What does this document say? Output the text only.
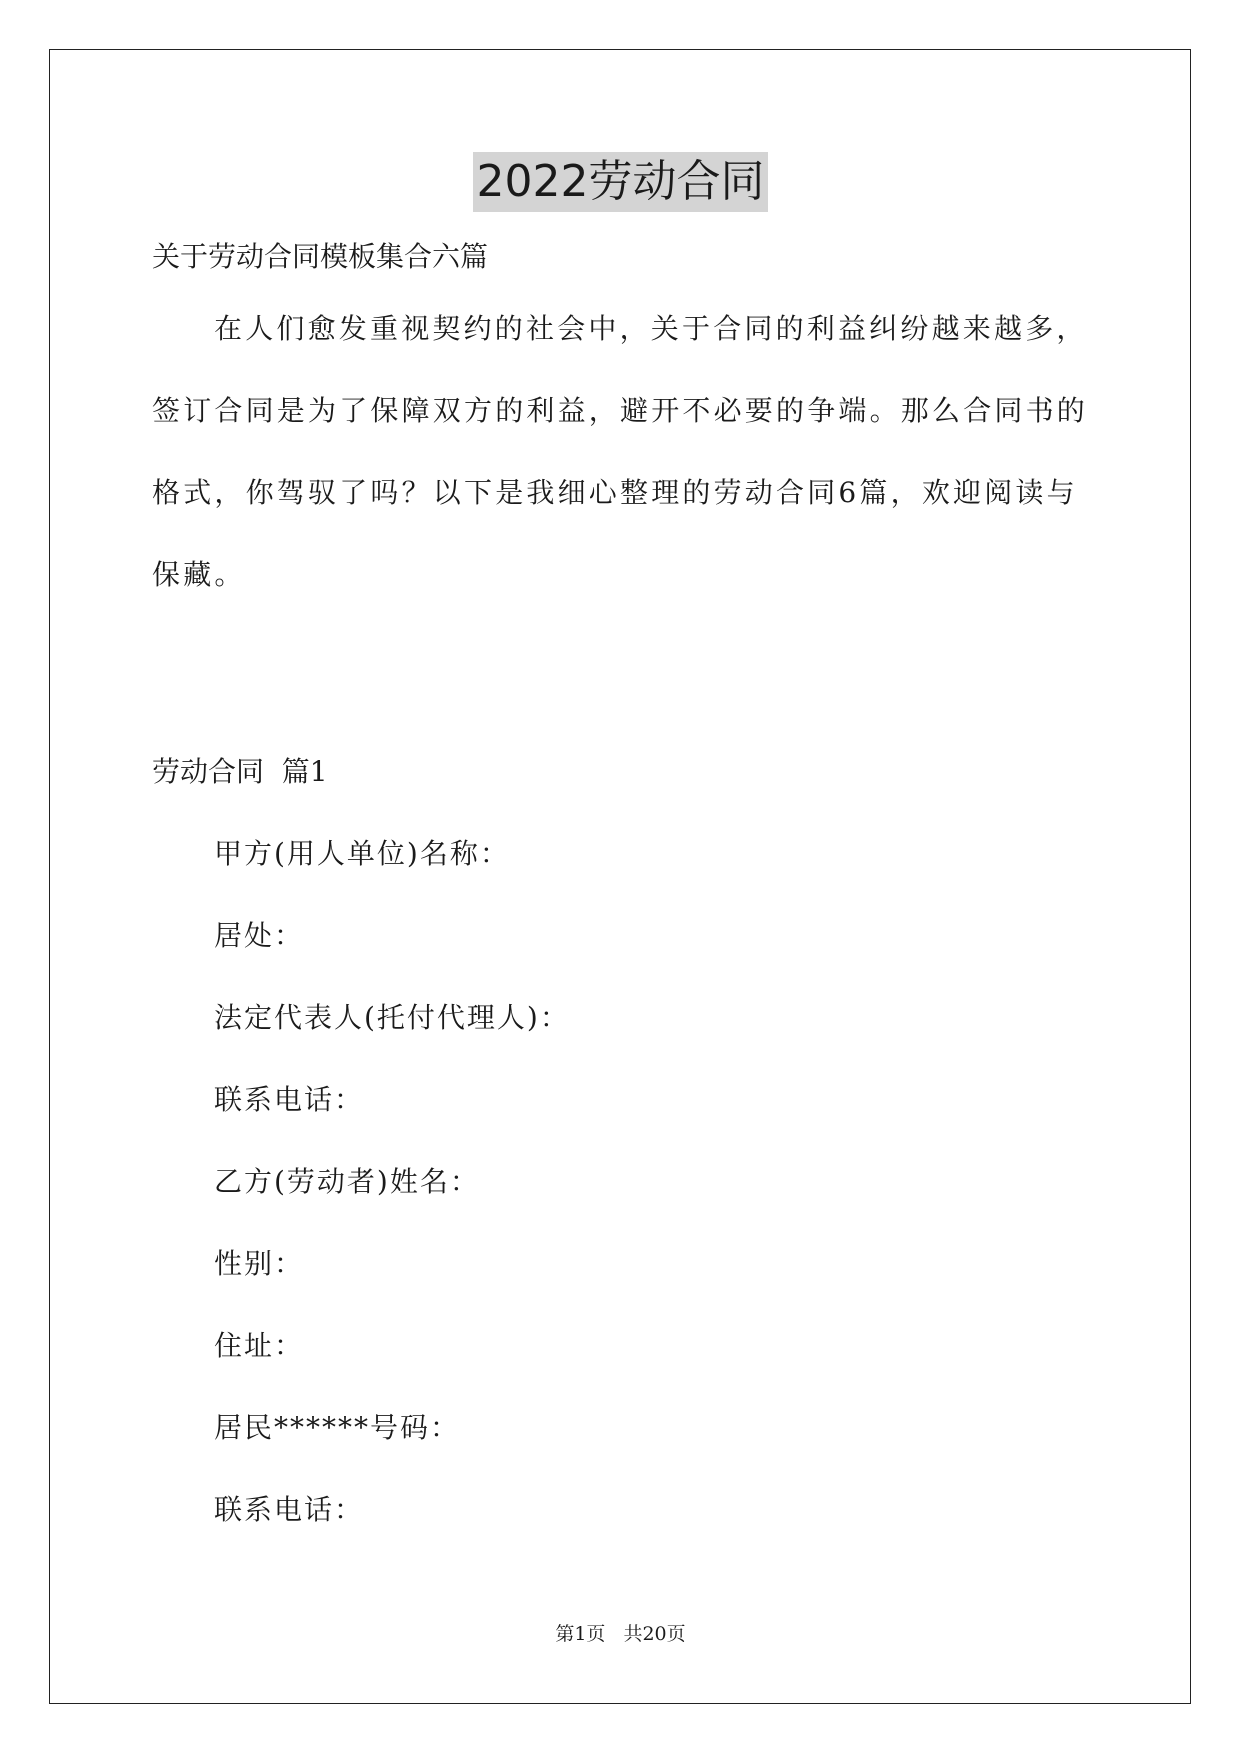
2022劳动合同
关于劳动合同模板集合六篇
在人们愈发重视契约的社会中，关于合同的利益纠纷越来越多，
签订合同是为了保障双方的利益，避开不必要的争端。那么合同书的
格式，你驾驭了吗？以下是我细心整理的劳动合同6篇，欢迎阅读与
保藏。
劳动合同  篇1
甲方(用人单位)名称：
居处：
法定代表人(托付代理人)：
联系电话：
乙方(劳动者)姓名：
性别：
住址：
居民******号码：
联系电话：
第1页 共20页
